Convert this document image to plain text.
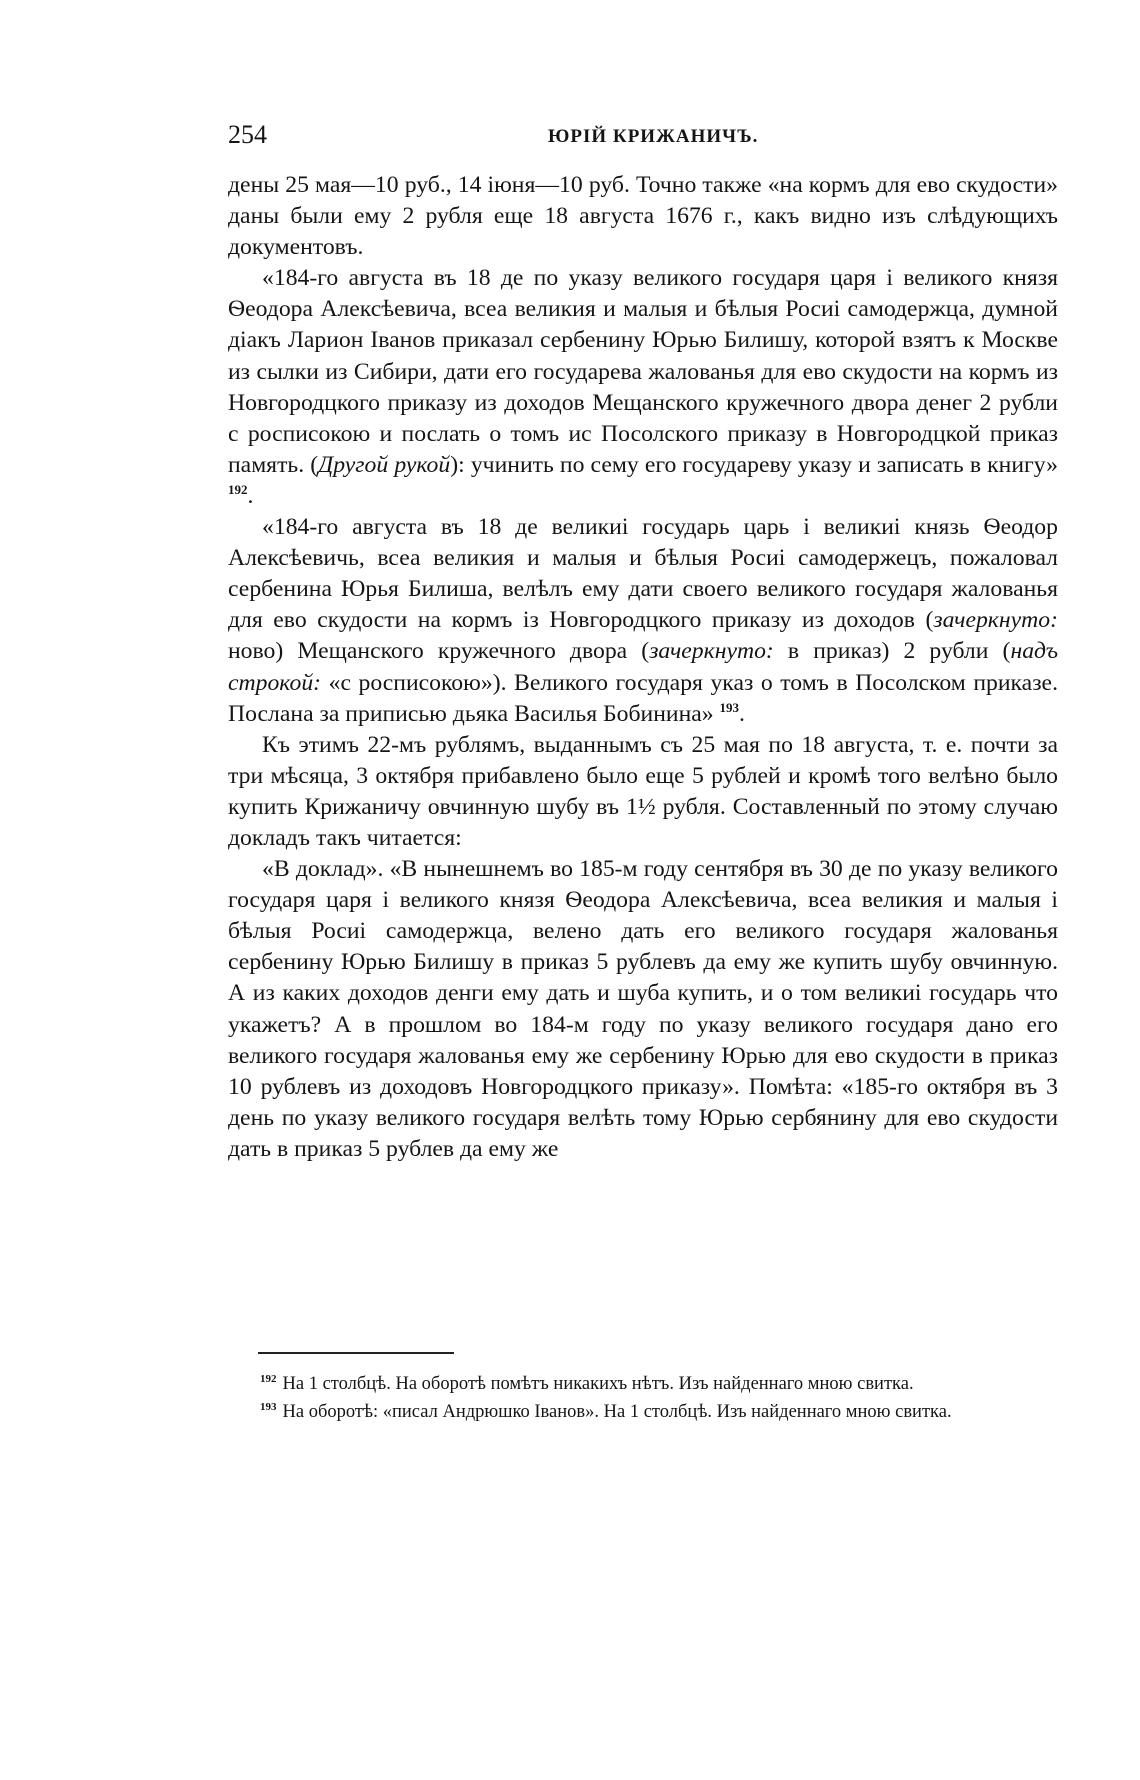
254	ЮРІЙ КРИЖАНИЧЪ.

дены 25 мая—10 руб., 14 іюня—10 руб. Точно также «на кормъ для ево скудости» даны были ему 2 рубля еще 18 августа 1676 г., какъ видно изъ слѣдующихъ документовъ.

«184-го августа въ 18 де по указу великого государя царя і великого князя Ѳеодора Алексѣевича, всеа великия и малыя и бѣлыя Росиі самодержца, думной діакъ Ларион Іванов приказал сербенину Юрью Билишу, которой взятъ к Москве из сылки из Сибири, дати его государева жалованья для ево скудости на кормъ из Новгородцкого приказу из доходов Мещанского кружечного двора денег 2 рубли с росписокою и послать о томъ ис Посолского приказу в Новгородцкой приказ память. (Другой рукой): учинить по сему его государеву указу и записать в книгу» $^{192}$.

«184-го августа въ 18 де великиі государь царь і великиі князь Ѳеодор Алексѣевичь, всеа великия и малыя и бѣлыя Росиі самодержецъ, пожаловал сербенина Юрья Билиша, велѣлъ ему дати своего великого государя жалованья для ево скудости на кормъ із Новгородцкого приказу из доходов (зачеркнуто: ново) Мещанского кружечного двора (зачеркнуто: в приказ) 2 рубли (надъ строкой: «с росписокою»). Великого государя указ о томъ в Посолском приказе. Послана за приписью дьяка Василья Бобинина» $^{193}$.

Къ этимъ 22-мъ рублямъ, выданнымъ съ 25 мая по 18 августа, т. е. почти за три мѣсяца, 3 октября прибавлено было еще 5 рублей и кромѣ того велѣно было купить Крижаничу овчинную шубу въ 1½ рубля. Составленный по этому случаю докладъ такъ читается:

«В доклад». «В нынешнемъ во 185-м году сентября въ 30 де по указу великого государя царя і великого князя Ѳеодора Алексѣевича, всеа великия и малыя і бѣлыя Росиі самодержца, велено дать его великого государя жалованья сербенину Юрью Билишу в приказ 5 рублевъ да ему же купить шубу овчинную. А из каких доходов денги ему дать и шуба купить, и о том великиі государь что укажетъ? А в прошлом во 184-м году по указу великого государя дано его великого государя жалованья ему же сербенину Юрью для ево скудости в приказ 10 рублевъ из доходовъ Новгородцкого приказу». Помѣта: «185-го октября въ 3 день по указу великого государя велѣть тому Юрью сербянину для ево скудости дать в приказ 5 рублев да ему же

$^{192}$ На 1 столбцѣ. На оборотѣ помѣтъ никакихъ нѣтъ. Изъ найденнаго мною свитка.

$^{193}$ На оборотѣ: «писал Андрюшко Іванов». На 1 столбцѣ. Изъ найденнаго мною свитка.
